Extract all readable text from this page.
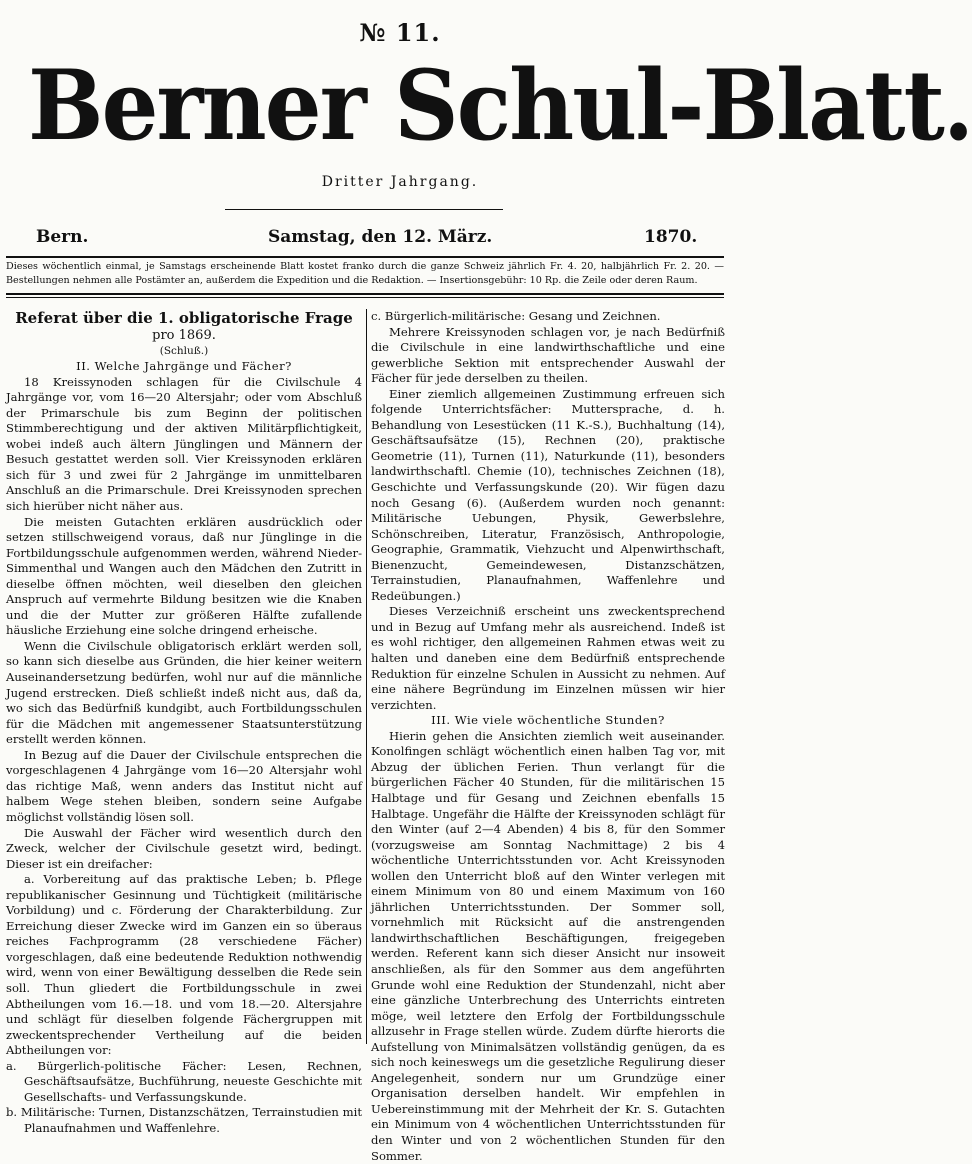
№ 11.
Berner Schul-Blatt.
Dritter Jahrgang.
Bern.	Samstag, den 12. März.	1870.
Dieses wöchentlich einmal, je Samstags erscheinende Blatt kostet franko durch die ganze Schweiz jährlich Fr. 4. 20, halbjährlich Fr. 2. 20. — Bestellungen nehmen alle Postämter an, außerdem die Expedition und die Redaktion. — Insertionsgebühr: 10 Rp. die Zeile oder deren Raum.

Referat über die 1. obligatorische Frage

pro 1869.

(Schluß.)

II. Welche Jahrgänge und Fächer?

18 Kreissynoden schlagen für die Civilschule 4 Jahrgänge vor, vom 16—20 Altersjahr; oder vom Abschluß der Primarschule bis zum Beginn der politischen Stimmberechtigung und der aktiven Militärpflichtigkeit, wobei indeß auch ältern Jünglingen und Männern der Besuch gestattet werden soll. Vier Kreissynoden erklären sich für 3 und zwei für 2 Jahrgänge im unmittelbaren Anschluß an die Primarschule. Drei Kreissynoden sprechen sich hierüber nicht näher aus.

Die meisten Gutachten erklären ausdrücklich oder setzen stillschweigend voraus, daß nur Jünglinge in die Fortbildungsschule aufgenommen werden, während Nieder-Simmenthal und Wangen auch den Mädchen den Zutritt in dieselbe öffnen möchten, weil dieselben den gleichen Anspruch auf vermehrte Bildung besitzen wie die Knaben und die der Mutter zur größeren Hälfte zufallende häusliche Erziehung eine solche dringend erheische.

Wenn die Civilschule obligatorisch erklärt werden soll, so kann sich dieselbe aus Gründen, die hier keiner weitern Auseinandersetzung bedürfen, wohl nur auf die männliche Jugend erstrecken. Dieß schließt indeß nicht aus, daß da, wo sich das Bedürfniß kundgibt, auch Fortbildungsschulen für die Mädchen mit angemessener Staatsunterstützung erstellt werden können.

In Bezug auf die Dauer der Civilschule entsprechen die vorgeschlagenen 4 Jahrgänge vom 16—20 Altersjahr wohl das richtige Maß, wenn anders das Institut nicht auf halbem Wege stehen bleiben, sondern seine Aufgabe möglichst vollständig lösen soll.

Die Auswahl der Fächer wird wesentlich durch den Zweck, welcher der Civilschule gesetzt wird, bedingt. Dieser ist ein dreifacher:

a. Vorbereitung auf das praktische Leben; b. Pflege republikanischer Gesinnung und Tüchtigkeit (militärische Vorbildung) und c. Förderung der Charakterbildung. Zur Erreichung dieser Zwecke wird im Ganzen ein so überaus reiches Fachprogramm (28 verschiedene Fächer) vorgeschlagen, daß eine bedeutende Reduktion nothwendig wird, wenn von einer Bewältigung desselben die Rede sein soll. Thun gliedert die Fortbildungsschule in zwei Abtheilungen vom 16.—18. und vom 18.—20. Altersjahre und schlägt für dieselben folgende Fächergruppen mit zweckentsprechender Vertheilung auf die beiden Abtheilungen vor:

a. Bürgerlich-politische Fächer: Lesen, Rechnen, Geschäftsaufsätze, Buchführung, neueste Geschichte mit Gesellschafts- und Verfassungskunde.

b. Militärische: Turnen, Distanzschätzen, Terrainstudien mit Planaufnahmen und Waffenlehre.

c. Bürgerlich-militärische: Gesang und Zeichnen.

Mehrere Kreissynoden schlagen vor, je nach Bedürfniß die Civilschule in eine landwirthschaftliche und eine gewerbliche Sektion mit entsprechender Auswahl der Fächer für jede derselben zu theilen.

Einer ziemlich allgemeinen Zustimmung erfreuen sich folgende Unterrichtsfächer: Muttersprache, d. h. Behandlung von Lesestücken (11 K.-S.), Buchhaltung (14), Geschäftsaufsätze (15), Rechnen (20), praktische Geometrie (11), Turnen (11), Naturkunde (11), besonders landwirthschaftl. Chemie (10), technisches Zeichnen (18), Geschichte und Verfassungskunde (20). Wir fügen dazu noch Gesang (6). (Außerdem wurden noch genannt: Militärische Uebungen, Physik, Gewerbslehre, Schönschreiben, Literatur, Französisch, Anthropologie, Geographie, Grammatik, Viehzucht und Alpenwirthschaft, Bienenzucht, Gemeindewesen, Distanzschätzen, Terrainstudien, Planaufnahmen, Waffenlehre und Redeübungen.)

Dieses Verzeichniß erscheint uns zweckentsprechend und in Bezug auf Umfang mehr als ausreichend. Indeß ist es wohl richtiger, den allgemeinen Rahmen etwas weit zu halten und daneben eine dem Bedürfniß entsprechende Reduktion für einzelne Schulen in Aussicht zu nehmen. Auf eine nähere Begründung im Einzelnen müssen wir hier verzichten.

III. Wie viele wöchentliche Stunden?

Hierin gehen die Ansichten ziemlich weit auseinander. Konolfingen schlägt wöchentlich einen halben Tag vor, mit Abzug der üblichen Ferien. Thun verlangt für die bürgerlichen Fächer 40 Stunden, für die militärischen 15 Halbtage und für Gesang und Zeichnen ebenfalls 15 Halbtage. Ungefähr die Hälfte der Kreissynoden schlägt für den Winter (auf 2—4 Abenden) 4 bis 8, für den Sommer (vorzugsweise am Sonntag Nachmittage) 2 bis 4 wöchentliche Unterrichtsstunden vor. Acht Kreissynoden wollen den Unterricht bloß auf den Winter verlegen mit einem Minimum von 80 und einem Maximum von 160 jährlichen Unterrichtsstunden. Der Sommer soll, vornehmlich mit Rücksicht auf die anstrengenden landwirthschaftlichen Beschäftigungen, freigegeben werden. Referent kann sich dieser Ansicht nur insoweit anschließen, als für den Sommer aus dem angeführten Grunde wohl eine Reduktion der Stundenzahl, nicht aber eine gänzliche Unterbrechung des Unterrichts eintreten möge, weil letztere den Erfolg der Fortbildungsschule allzusehr in Frage stellen würde. Zudem dürfte hierorts die Aufstellung von Minimalsätzen vollständig genügen, da es sich noch keineswegs um die gesetzliche Regulirung dieser Angelegenheit, sondern nur um Grundzüge einer Organisation derselben handelt. Wir empfehlen in Uebereinstimmung mit der Mehrheit der Kr. S. Gutachten ein Minimum von 4 wöchentlichen Unterrichtsstunden für den Winter und von 2 wöchentlichen Stunden für den Sommer.
